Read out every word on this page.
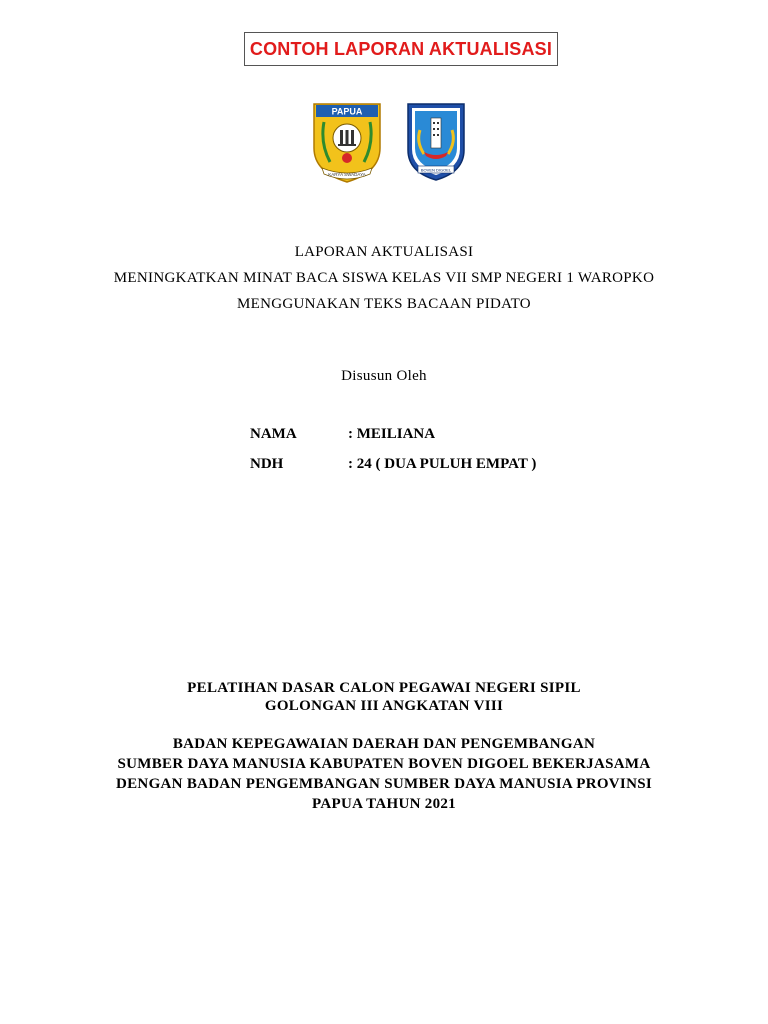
CONTOH LAPORAN AKTUALISASI
PAPUA
KARYA SWADAYA
BOVEN DIGOEL
LAPORAN AKTUALISASI
MENINGKATKAN MINAT BACA SISWA KELAS VII SMP NEGERI 1 WAROPKO
MENGGUNAKAN TEKS BACAAN PIDATO
Disusun Oleh
NAMA	: MEILIANA
NDH	: 24 ( DUA PULUH EMPAT )
PELATIHAN DASAR CALON PEGAWAI NEGERI SIPIL
GOLONGAN III ANGKATAN VIII
BADAN KEPEGAWAIAN DAERAH DAN PENGEMBANGAN
SUMBER DAYA MANUSIA KABUPATEN BOVEN DIGOEL BEKERJASAMA
DENGAN BADAN PENGEMBANGAN SUMBER DAYA MANUSIA PROVINSI
PAPUA TAHUN 2021
